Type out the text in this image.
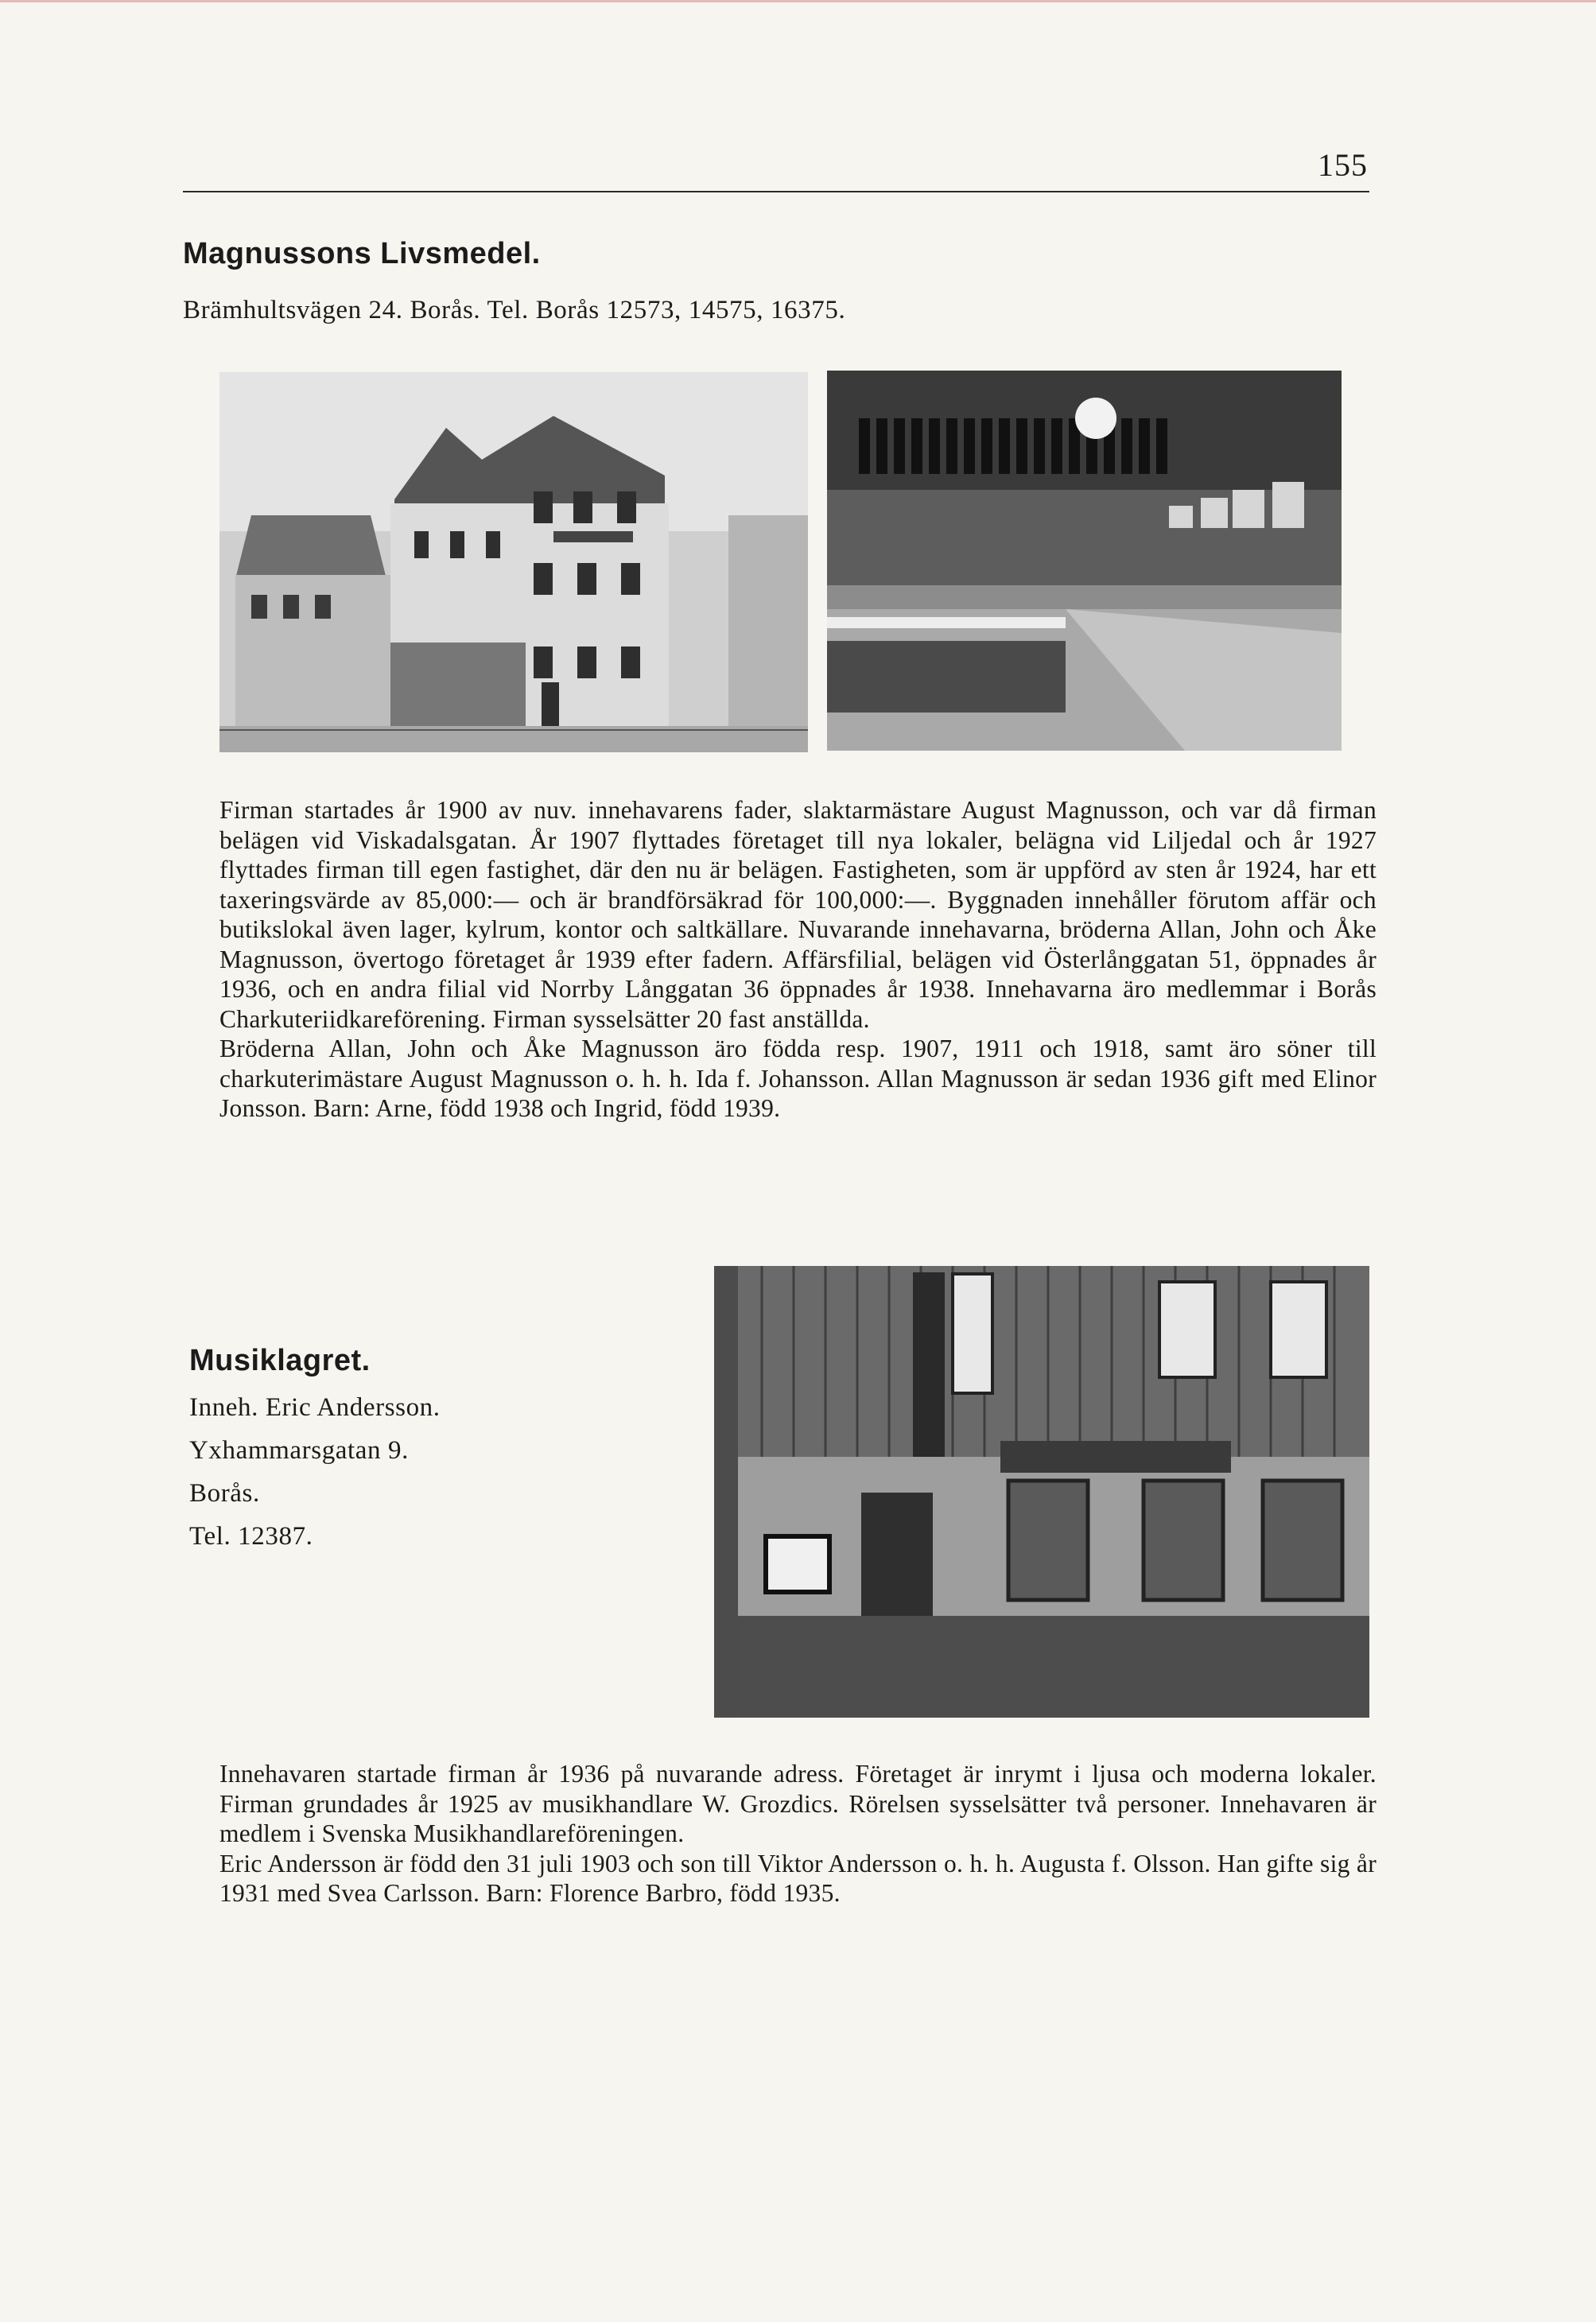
155
Magnussons Livsmedel.
Brämhultsvägen 24. Borås. Tel. Borås 12573, 14575, 16375.

Firman startades år 1900 av nuv. innehavarens fader, slaktarmästare August Magnusson, och var då firman belägen vid Viskadalsgatan. År 1907 flyttades företaget till nya lokaler, belägna vid Liljedal och år 1927 flyttades firman till egen fastighet, där den nu är belägen. Fastigheten, som är uppförd av sten år 1924, har ett taxeringsvärde av 85,000:— och är brandförsäkrad för 100,000:—. Byggnaden innehåller förutom affär och butikslokal även lager, kylrum, kontor och saltkällare. Nuvarande innehavarna, bröderna Allan, John och Åke Magnusson, övertogo företaget år 1939 efter fadern. Affärsfilial, belägen vid Österlånggatan 51, öppnades år 1936, och en andra filial vid Norrby Långgatan 36 öppnades år 1938. Innehavarna äro medlemmar i Borås Charkuteriidkareförening. Firman sysselsätter 20 fast anställda.

Bröderna Allan, John och Åke Magnusson äro födda resp. 1907, 1911 och 1918, samt äro söner till charkuterimästare August Magnusson o. h. h. Ida f. Johansson. Allan Magnusson är sedan 1936 gift med Elinor Jonsson. Barn: Arne, född 1938 och Ingrid, född 1939.

Musiklagret.
Inneh. Eric Andersson.
Yxhammarsgatan 9.
Borås.
Tel. 12387.

Innehavaren startade firman år 1936 på nuvarande adress. Företaget är inrymt i ljusa och moderna lokaler. Firman grundades år 1925 av musikhandlare W. Grozdics. Rörelsen sysselsätter två personer. Innehavaren är medlem i Svenska Musikhandlareföreningen.

Eric Andersson är född den 31 juli 1903 och son till Viktor Andersson o. h. h. Augusta f. Olsson. Han gifte sig år 1931 med Svea Carlsson. Barn: Florence Barbro, född 1935.
